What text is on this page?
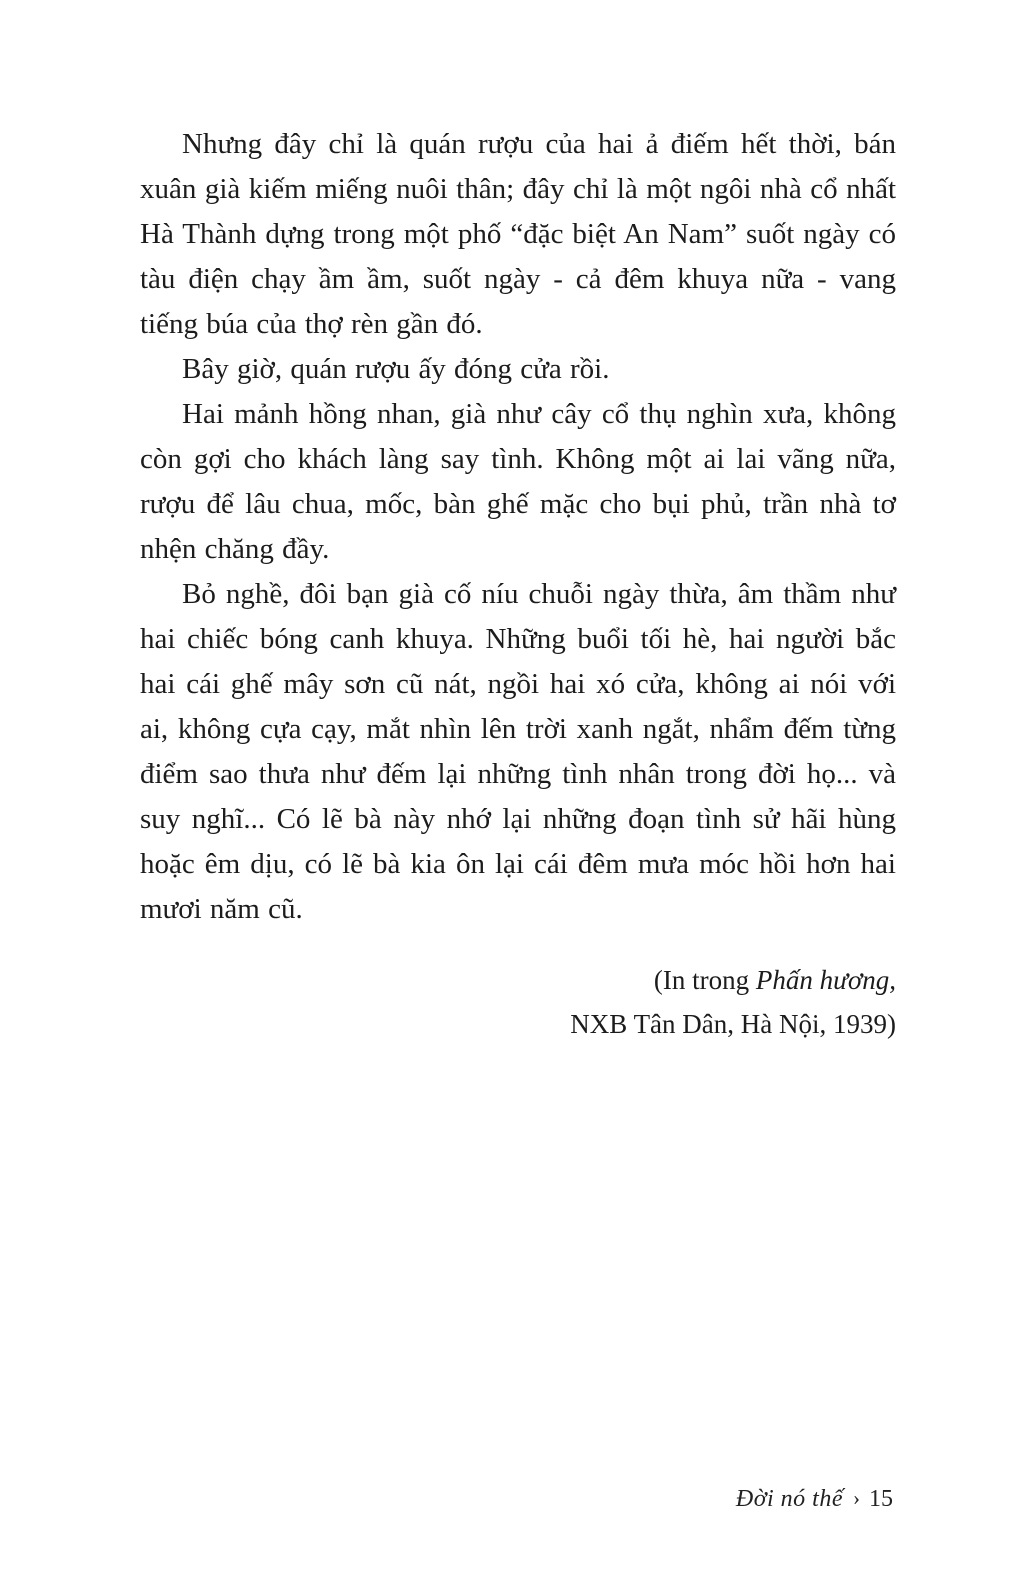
Nhưng đây chỉ là quán rượu của hai ả điếm hết thời, bán xuân già kiếm miếng nuôi thân; đây chỉ là một ngôi nhà cổ nhất Hà Thành dựng trong một phố “đặc biệt An Nam” suốt ngày có tàu điện chạy ầm ầm, suốt ngày - cả đêm khuya nữa - vang tiếng búa của thợ rèn gần đó.

Bây giờ, quán rượu ấy đóng cửa rồi.

Hai mảnh hồng nhan, già như cây cổ thụ nghìn xưa, không còn gợi cho khách làng say tình. Không một ai lai vãng nữa, rượu để lâu chua, mốc, bàn ghế mặc cho bụi phủ, trần nhà tơ nhện chăng đầy.

Bỏ nghề, đôi bạn già cố níu chuỗi ngày thừa, âm thầm như hai chiếc bóng canh khuya. Những buổi tối hè, hai người bắc hai cái ghế mây sơn cũ nát, ngồi hai xó cửa, không ai nói với ai, không cựa cạy, mắt nhìn lên trời xanh ngắt, nhẩm đếm từng điểm sao thưa như đếm lại những tình nhân trong đời họ... và suy nghĩ... Có lẽ bà này nhớ lại những đoạn tình sử hãi hùng hoặc êm dịu, có lẽ bà kia ôn lại cái đêm mưa móc hồi hơn hai mươi năm cũ.

(In trong Phấn hương,
NXB Tân Dân, Hà Nội, 1939)
Đời nó thế › 15
